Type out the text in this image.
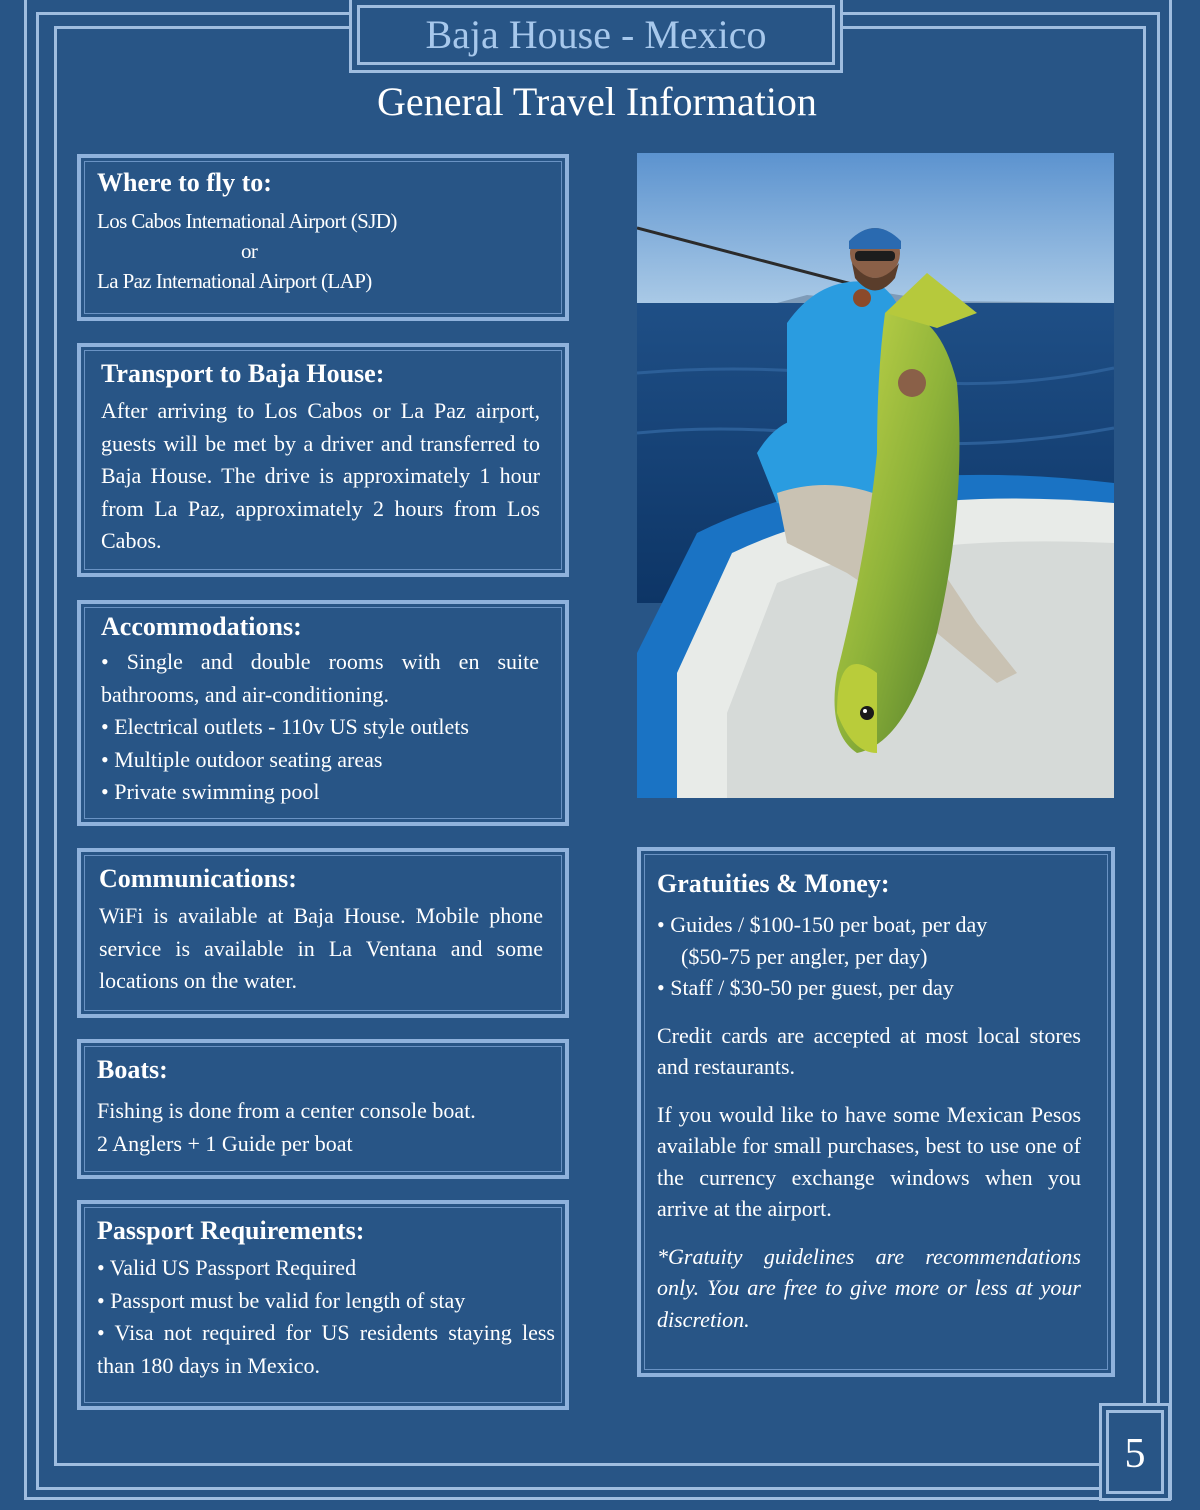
Baja House - Mexico
General Travel Information
Where to fly to:

Los Cabos International Airport (SJD)

or

La Paz International Airport (LAP)

Transport to Baja House:

After arriving to Los Cabos or La Paz airport, guests will be met by a driver and transferred to Baja House. The drive is approximately 1 hour from La Paz, approximately 2 hours from Los Cabos.

Accommodations:

• Single and double rooms with en suite bathrooms, and air-conditioning.

• Electrical outlets - 110v US style outlets

• Multiple outdoor seating areas

• Private swimming pool

Communications:

WiFi is available at Baja House. Mobile phone service is available in La Ventana and some locations on the water.

Boats:

Fishing is done from a center console boat.

2 Anglers + 1 Guide per boat

Passport Requirements:

• Valid US Passport Required

• Passport must be valid for length of stay

• Visa not required for US residents staying less than 180 days in Mexico.

Gratuities & Money:

• Guides / $100-150 per boat, per day

($50-75 per angler, per day)

• Staff / $30-50 per guest, per day

Credit cards are accepted at most local stores and restaurants.

If you would like to have some Mexican Pesos available for small purchases, best to use one of the currency exchange windows when you arrive at the airport.

*Gratuity guidelines are recommendations only. You are free to give more or less at your discretion.

5
